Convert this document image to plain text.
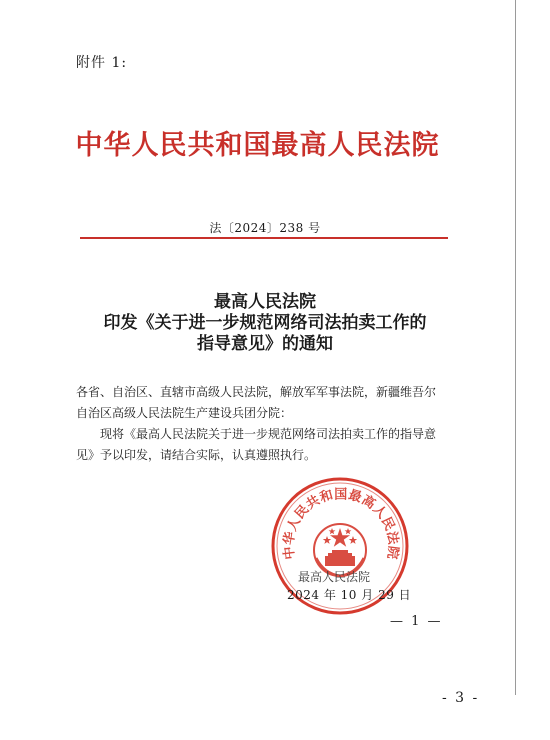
附件 1:
中华人民共和国最高人民法院
法〔2024〕238 号
最高人民法院
印发《关于进一步规范网络司法拍卖工作的
指导意见》的通知

各省、自治区、直辖市高级人民法院，解放军军事法院，新疆维吾尔自治区高级人民法院生产建设兵团分院：

现将《最高人民法院关于进一步规范网络司法拍卖工作的指导意见》予以印发，请结合实际，认真遵照执行。

中华人民共和国最高人民法院
最高人民法院
2024 年 10 月 29 日
— 1 —
- 3 -
